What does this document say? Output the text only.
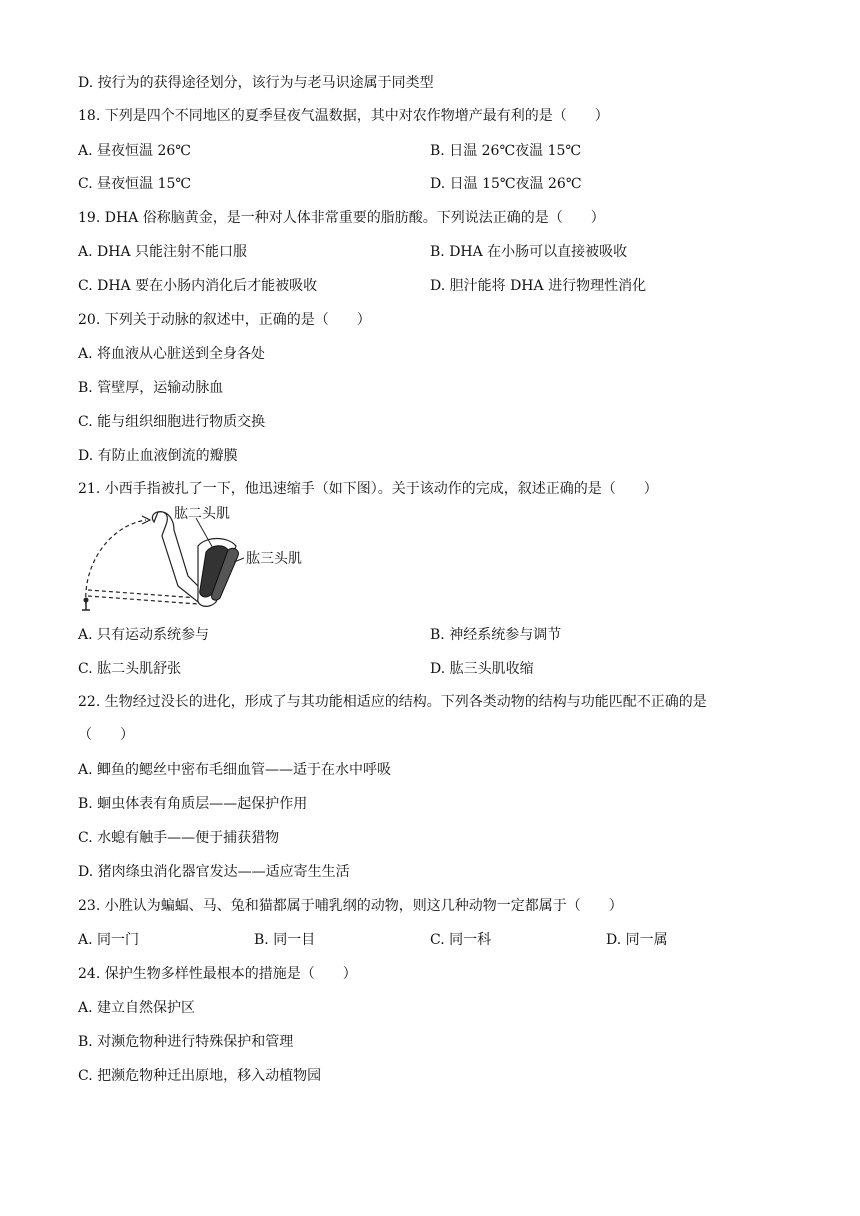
D. 按行为的获得途径划分，该行为与老马识途属于同类型
18. 下列是四个不同地区的夏季昼夜气温数据，其中对农作物增产最有利的是（　　）
A. 昼夜恒温 26℃	B. 日温 26℃夜温 15℃
C. 昼夜恒温 15℃	D. 日温 15℃夜温 26℃
19. DHA 俗称脑黄金，是一种对人体非常重要的脂肪酸。下列说法正确的是（　　）
A. DHA 只能注射不能口服	B. DHA 在小肠可以直接被吸收
C. DHA 要在小肠内消化后才能被吸收	D. 胆汁能将 DHA 进行物理性消化
20. 下列关于动脉的叙述中，正确的是（　　）
A. 将血液从心脏送到全身各处
B. 管壁厚，运输动脉血
C. 能与组织细胞进行物质交换
D. 有防止血液倒流的瓣膜
21. 小西手指被扎了一下，他迅速缩手（如下图）。关于该动作的完成，叙述正确的是（　　）
肱二头肌
肱三头肌
A. 只有运动系统参与	B. 神经系统参与调节
C. 肱二头肌舒张	D. 肱三头肌收缩
22. 生物经过没长的进化，形成了与其功能相适应的结构。下列各类动物的结构与功能匹配不正确的是
（　　）
A. 鲫鱼的鳃丝中密布毛细血管——适于在水中呼吸
B. 蛔虫体表有角质层——起保护作用
C. 水螅有触手——便于捕获猎物
D. 猪肉绦虫消化器官发达——适应寄生生活
23. 小胜认为蝙蝠、马、兔和猫都属于哺乳纲的动物，则这几种动物一定都属于（　　）
A. 同一门	B. 同一目	C. 同一科	D. 同一属
24. 保护生物多样性最根本的措施是（　　）
A. 建立自然保护区
B. 对濒危物种进行特殊保护和管理
C. 把濒危物种迁出原地，移入动植物园
